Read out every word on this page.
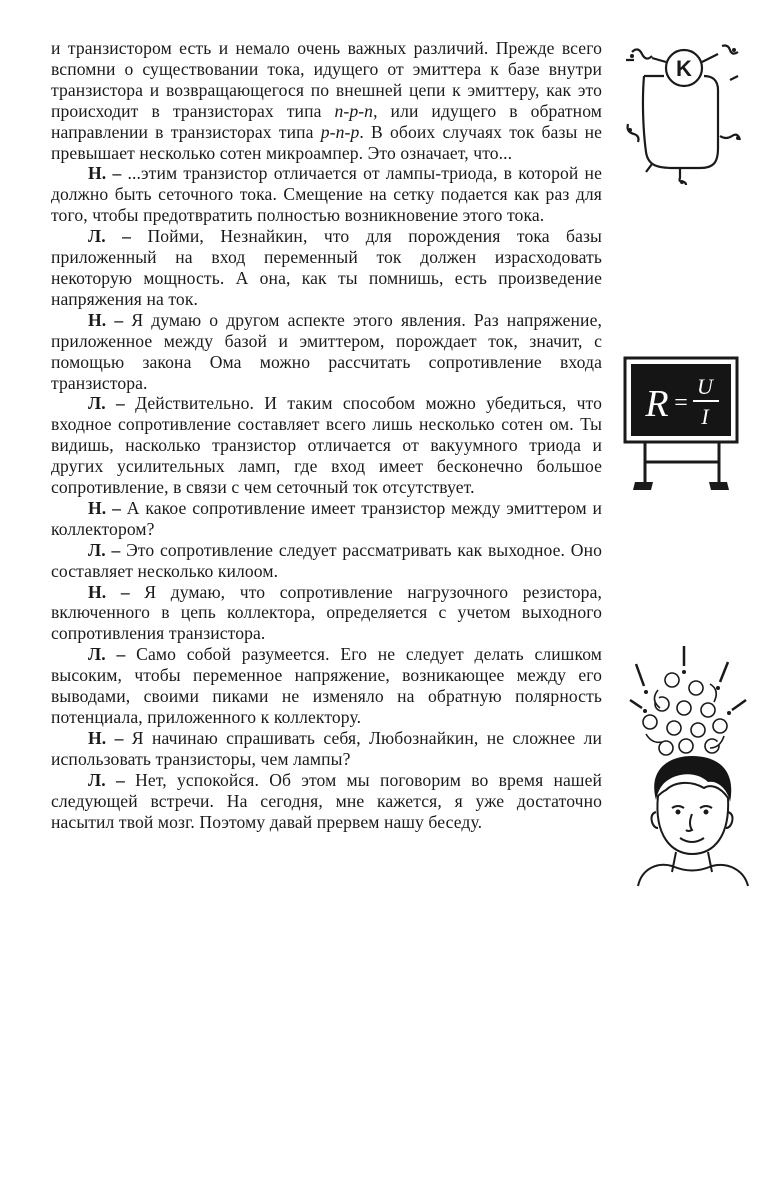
и транзистором есть и немало очень важных различий. Прежде всего вспомни о существовании тока, идущего от эмиттера к базе внутри транзистора и возвращающегося по внешней цепи к эмиттеру, как это происходит в транзисторах типа n-p-n, или идущего в обратном направлении в транзисторах типа p-n-p. В обоих случаях ток базы не превышает несколько сотен микроампер. Это означает, что...

Н. – ...этим транзистор отличается от лампы-триода, в которой не должно быть сеточного тока. Смещение на сетку подается как раз для того, чтобы предотвратить полностью возникновение этого тока.

Л. – Пойми, Незнайкин, что для порождения тока базы приложенный на вход переменный ток должен израсходовать некоторую мощность. А она, как ты помнишь, есть произведение напряжения на ток.

Н. – Я думаю о другом аспекте этого явления. Раз напряжение, приложенное между базой и эмиттером, порождает ток, значит, с помощью закона Ома можно рассчитать сопротивление входа транзистора.

Л. – Действительно. И таким способом можно убедиться, что входное сопротивление составляет всего лишь несколько сотен ом. Ты видишь, насколько транзистор отличается от вакуумного триода и других усилительных ламп, где вход имеет бесконечно большое сопротивление, в связи с чем сеточный ток отсутствует.

Н. – А какое сопротивление имеет транзистор между эмиттером и коллектором?

Л. – Это сопротивление следует рассматривать как выходное. Оно составляет несколько килоом.

Н. – Я думаю, что сопротивление нагрузочного резистора, включенного в цепь коллектора, определяется с учетом выходного сопротивления транзистора.

Л. – Само собой разумеется. Его не следует делать слишком высоким, чтобы переменное напряжение, возникающее между его выводами, своими пиками не изменяло на обратную полярность потенциала, приложенного к коллектору.

Н. – Я начинаю спрашивать себя, Любознайкин, не сложнее ли использовать транзисторы, чем лампы?

Л. – Нет, успокойся. Об этом мы поговорим во время нашей следующей встречи. На сегодня, мне кажется, я уже достаточно насытил твой мозг. Поэтому давай прервем нашу беседу.

K
R =
U
I
